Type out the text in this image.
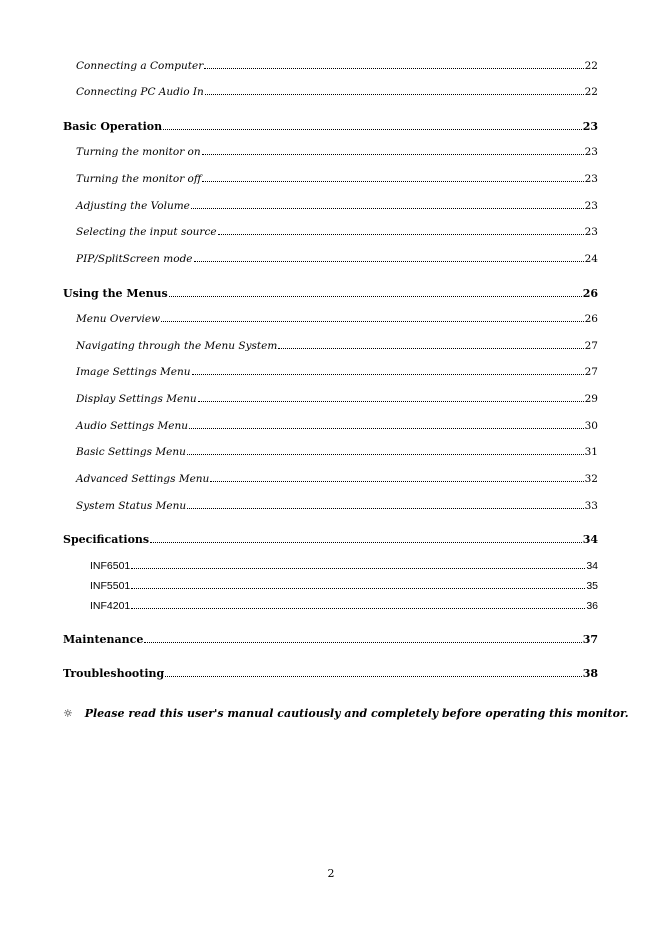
Connecting a Computer	22
Connecting PC Audio In	22
Basic Operation	23
Turning the monitor on	23
Turning the monitor off	23
Adjusting the Volume	23
Selecting the input source	23
PIP/SplitScreen mode	24
Using the Menus	26
Menu Overview	26
Navigating through the Menu System	27
Image Settings Menu	27
Display Settings Menu	29
Audio Settings Menu	30
Basic Settings Menu	31
Advanced Settings Menu	32
System Status Menu	33
Specifications	34
INF6501	34
INF5501	35
INF4201	36
Maintenance	37
Troubleshooting	38
☼ Please read this user's manual cautiously and completely before operating this monitor.
2
